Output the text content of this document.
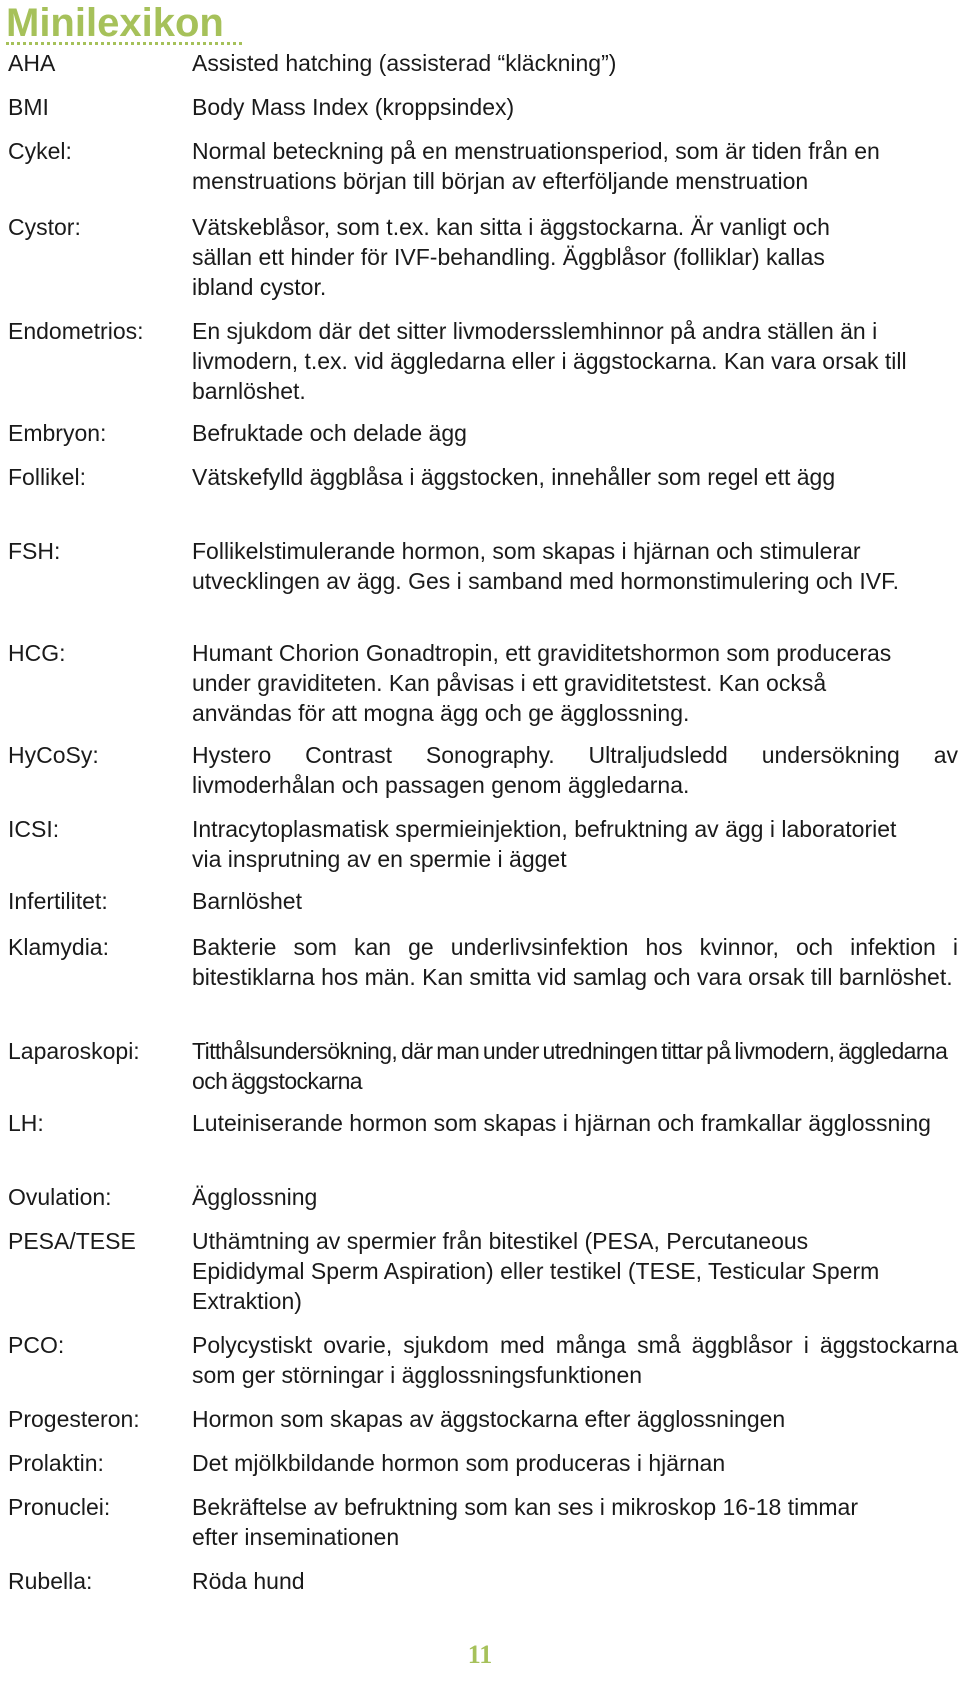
Minilexikon
AHA	Assisted hatching (assisterad “kläckning”)
BMI	Body Mass Index (kroppsindex)
Cykel:	Normal beteckning på en menstruationsperiod, som är tiden från en menstruations början till början av efterföljande menstruation
Cystor:	Vätskeblåsor, som t.ex. kan sitta i äggstockarna. Är vanligt och sällan ett hinder för IVF-behandling. Äggblåsor (folliklar) kallas ibland cystor.
Endometrios: En sjukdom där det sitter livmodersslemhinnor på andra ställen än i livmodern, t.ex. vid äggledarna eller i äggstockarna. Kan vara orsak till barnlöshet.
Embryon:	Befruktade och delade ägg
Follikel:	Vätskefylld äggblåsa i äggstocken, innehåller som regel ett ägg
FSH:	Follikelstimulerande hormon, som skapas i hjärnan och stimulerar utvecklingen av ägg. Ges i samband med hormonstimulering och IVF.
HCG:	Humant Chorion Gonadtropin, ett graviditetshormon som produceras under graviditeten. Kan påvisas i ett graviditetstest. Kan också användas för att mogna ägg och ge ägglossning.
HyCoSy:	Hystero Contrast Sonography. Ultraljudsledd undersökning av livmoderhålan och passagen genom äggledarna.
ICSI:	Intracytoplasmatisk spermieinjektion, befruktning av ägg i laboratoriet via insprutning av en spermie i ägget
Infertilitet:	Barnlöshet
Klamydia:	Bakterie som kan ge underlivsinfektion hos kvinnor, och infektion i bitestiklarna hos män. Kan smitta vid samlag och vara orsak till barnlöshet.
Laparoskopi: Titthålsundersökning, där man under utredningen tittar på livmodern, äggledarna och äggstockarna
LH:	Luteiniserande hormon som skapas i hjärnan och framkallar ägglossning
Ovulation:	Ägglossning
PESA/TESE Uthämtning av spermier från bitestikel (PESA, Percutaneous Epididymal Sperm Aspiration) eller testikel (TESE, Testicular Sperm Extraktion)
PCO:	Polycystiskt ovarie, sjukdom med många små äggblåsor i äggstockarna som ger störningar i ägglossningsfunktionen
Progesteron: Hormon som skapas av äggstockarna efter ägglossningen
Prolaktin:	Det mjölkbildande hormon som produceras i hjärnan
Pronuclei:	Bekräftelse av befruktning som kan ses i mikroskop 16-18 timmar efter inseminationen
Rubella:	Röda hund
11
